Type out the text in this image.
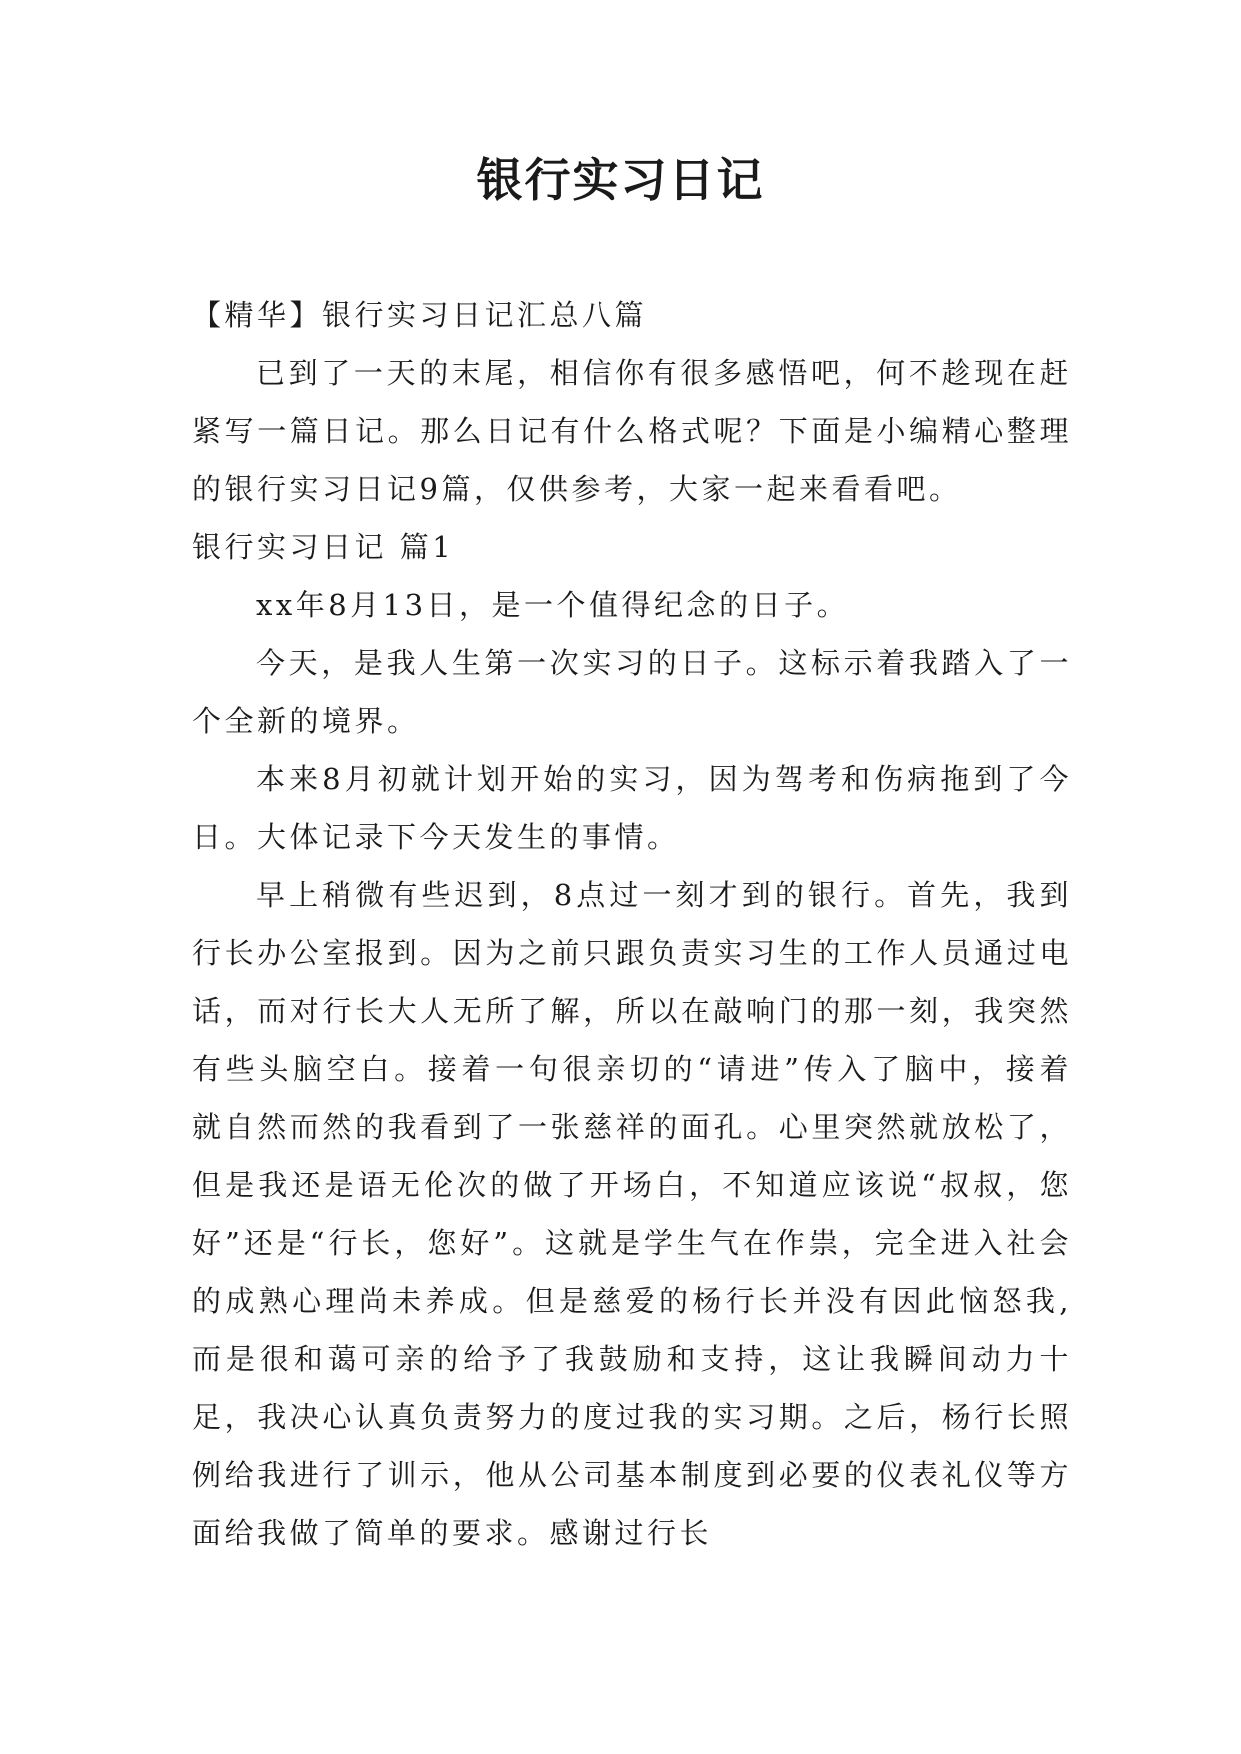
银行实习日记

【精华】银行实习日记汇总八篇

已到了一天的末尾，相信你有很多感悟吧，何不趁现在赶紧写一篇日记。那么日记有什么格式呢？下面是小编精心整理的银行实习日记9篇，仅供参考，大家一起来看看吧。

银行实习日记 篇1

xx年8月13日，是一个值得纪念的日子。

今天，是我人生第一次实习的日子。这标示着我踏入了一个全新的境界。

本来8月初就计划开始的实习，因为驾考和伤病拖到了今日。大体记录下今天发生的事情。

早上稍微有些迟到，8点过一刻才到的银行。首先，我到行长办公室报到。因为之前只跟负责实习生的工作人员通过电话，而对行长大人无所了解，所以在敲响门的那一刻，我突然有些头脑空白。接着一句很亲切的“请进”传入了脑中，接着就自然而然的我看到了一张慈祥的面孔。心里突然就放松了，但是我还是语无伦次的做了开场白，不知道应该说“叔叔，您好”还是“行长，您好”。这就是学生气在作祟，完全进入社会的成熟心理尚未养成。但是慈爱的杨行长并没有因此恼怒我,而是很和蔼可亲的给予了我鼓励和支持，这让我瞬间动力十足，我决心认真负责努力的度过我的实习期。之后，杨行长照例给我进行了训示，他从公司基本制度到必要的仪表礼仪等方面给我做了简单的要求。感谢过行长
